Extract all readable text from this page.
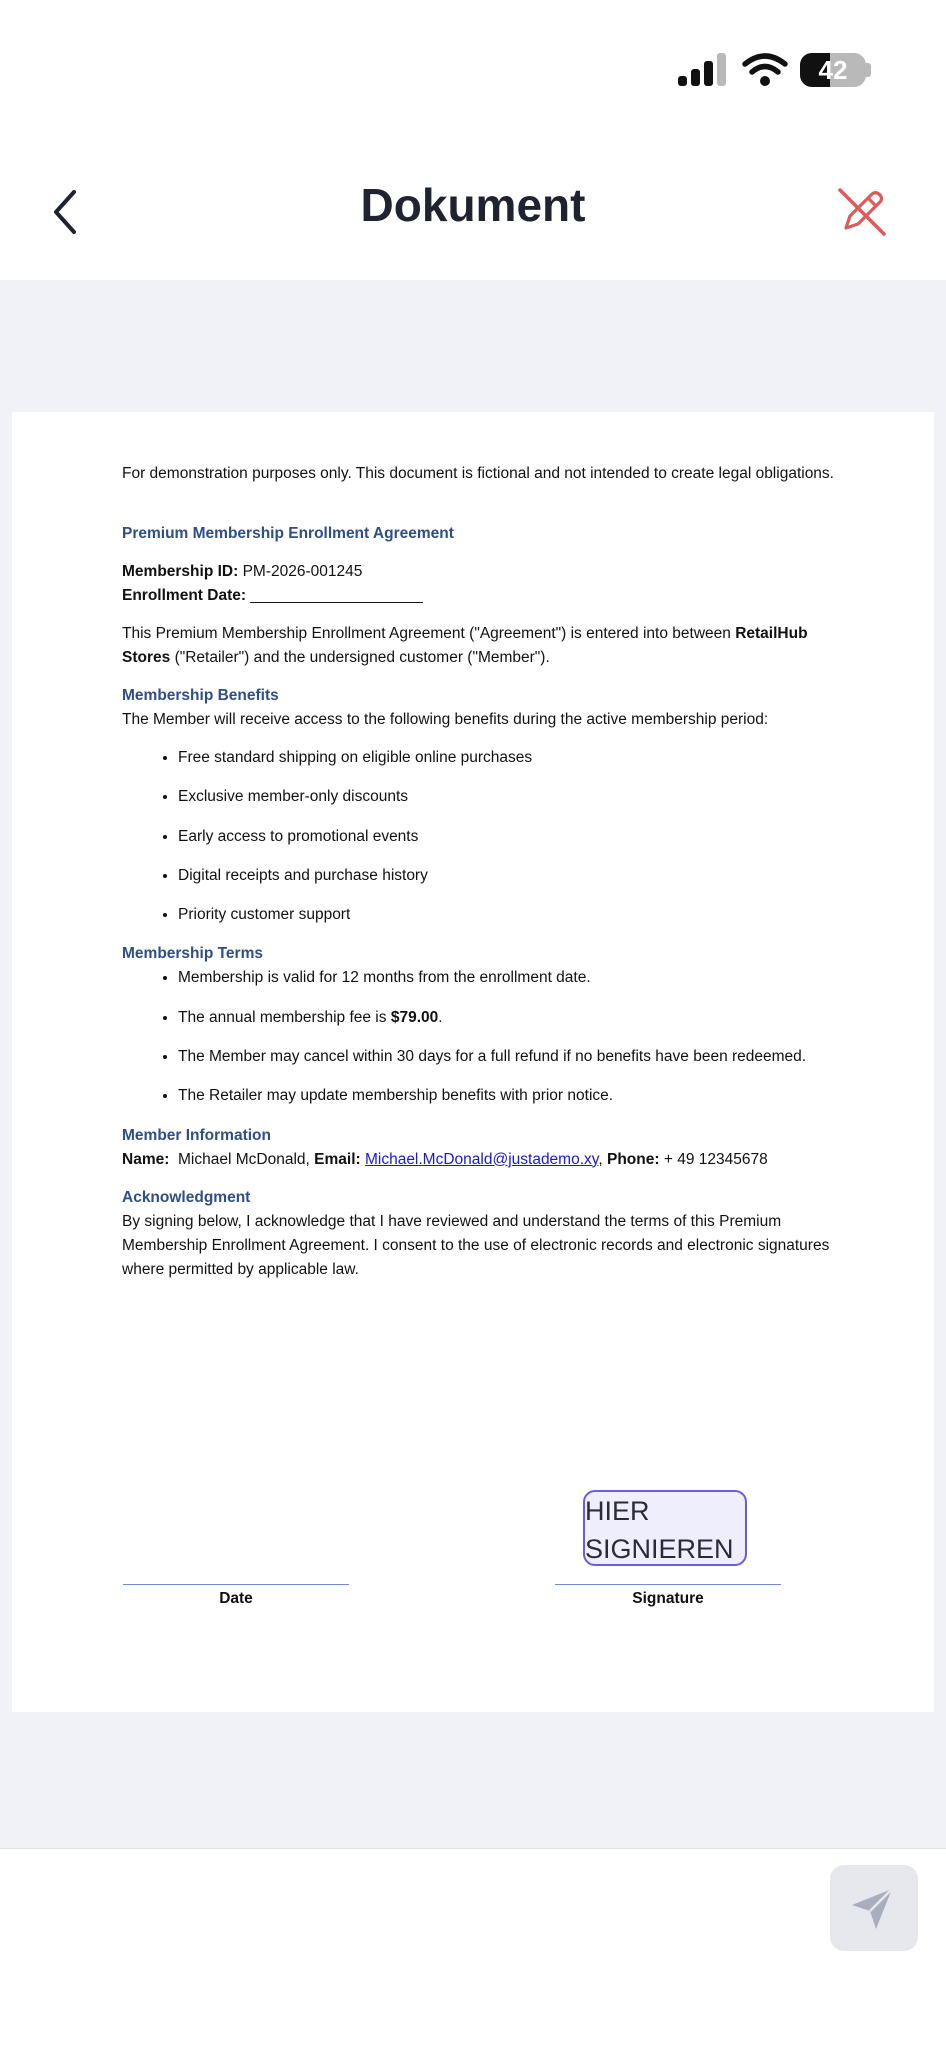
42
Dokument

For demonstration purposes only. This document is fictional and not intended to create legal obligations.

Premium Membership Enrollment Agreement

Membership ID: PM-2026-001245

Enrollment Date: ____________________

This Premium Membership Enrollment Agreement ("Agreement") is entered into between RetailHub Stores ("Retailer") and the undersigned customer ("Member").

Membership Benefits

The Member will receive access to the following benefits during the active membership period:

• Free standard shipping on eligible online purchases
• Exclusive member-only discounts
• Early access to promotional events
• Digital receipts and purchase history
• Priority customer support

Membership Terms

• Membership is valid for 12 months from the enrollment date.
• The annual membership fee is $79.00.
• The Member may cancel within 30 days for a full refund if no benefits have been redeemed.
• The Retailer may update membership benefits with prior notice.

Member Information

Name: Michael McDonald, Email: Michael.McDonald@justademo.xy, Phone: + 49 12345678

Acknowledgment

By signing below, I acknowledge that I have reviewed and understand the terms of this Premium Membership Enrollment Agreement. I consent to the use of electronic records and electronic signatures where permitted by applicable law.

Date	Signature
HIER
SIGNIEREN
